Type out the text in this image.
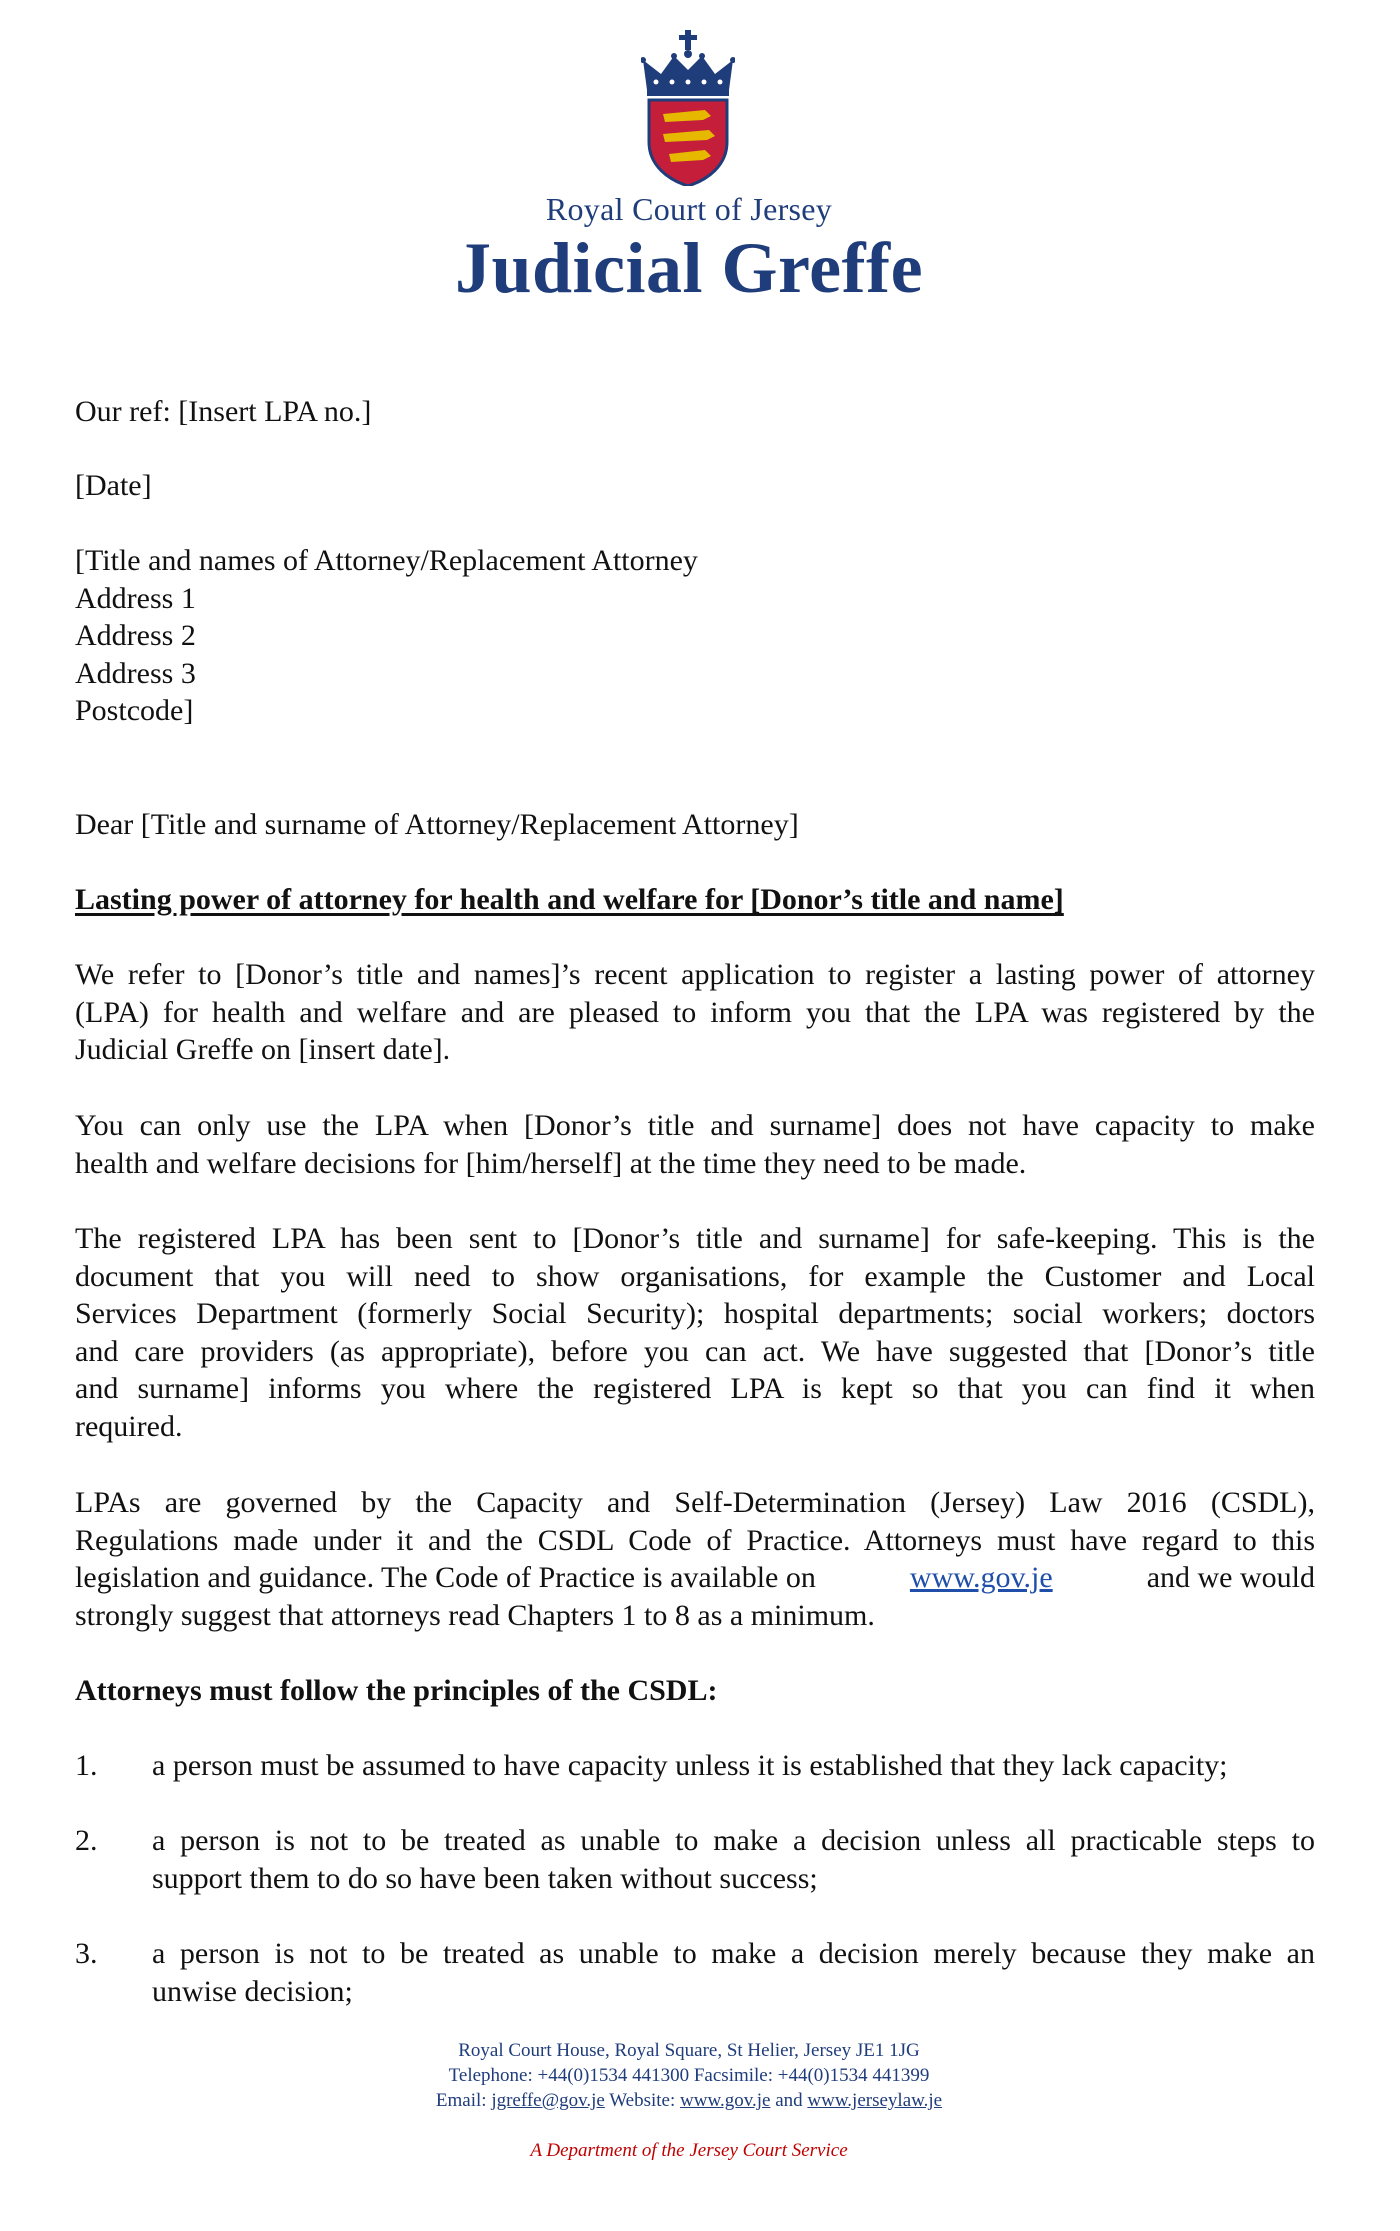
Royal Court of Jersey
Judicial Greffe
Our ref: [Insert LPA no.]
[Date]
[Title and names of Attorney/Replacement Attorney
Address 1
Address 2
Address 3
Postcode]
Dear [Title and surname of Attorney/Replacement Attorney]
Lasting power of attorney for health and welfare for [Donor’s title and name]
We refer to [Donor’s title and names]’s recent application to register a lasting power of attorney
(LPA) for health and welfare and are pleased to inform you that the LPA was registered by the
Judicial Greffe on [insert date].
You can only use the LPA when [Donor’s title and surname] does not have capacity to make
health and welfare decisions for [him/herself] at the time they need to be made.
The registered LPA has been sent to [Donor’s title and surname] for safe-keeping. This is the
document that you will need to show organisations, for example the Customer and Local
Services Department (formerly Social Security); hospital departments; social workers; doctors
and care providers (as appropriate), before you can act. We have suggested that [Donor’s title
and surname] informs you where the registered LPA is kept so that you can find it when
required.
LPAs are governed by the Capacity and Self-Determination (Jersey) Law 2016 (CSDL),
Regulations made under it and the CSDL Code of Practice. Attorneys must have regard to this
legislation and guidance. The Code of Practice is available on	www.gov.je	and we would
strongly suggest that attorneys read Chapters 1 to 8 as a minimum.
Attorneys must follow the principles of the CSDL:
1. a person must be assumed to have capacity unless it is established that they lack capacity;
2. a person is not to be treated as unable to make a decision unless all practicable steps to
support them to do so have been taken without success;
3. a person is not to be treated as unable to make a decision merely because they make an
unwise decision;
Royal Court House, Royal Square, St Helier, Jersey JE1 1JG
Telephone: +44(0)1534 441300 Facsimile: +44(0)1534 441399
Email: jgreffe@gov.je Website: www.gov.je and www.jerseylaw.je
A Department of the Jersey Court Service
